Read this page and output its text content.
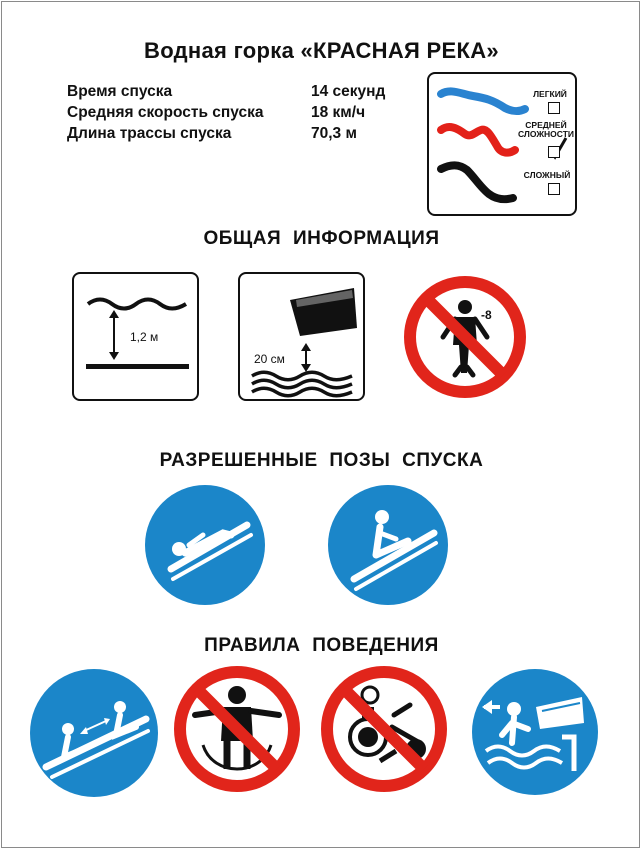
Водная горка «КРАСНАЯ РЕКА»
Время спуска	14 секунд
Средняя скорость спуска	18 км/ч
Длина трассы спуска	70,3 м
ЛЕГКИЙ
СРЕДНЕЙ
СЛОЖНОСТИ
СЛОЖНЫЙ
ОБЩАЯ ИНФОРМАЦИЯ
1,2 м
20 см
-8
РАЗРЕШЕННЫЕ ПОЗЫ СПУСКА
ПРАВИЛА ПОВЕДЕНИЯ
